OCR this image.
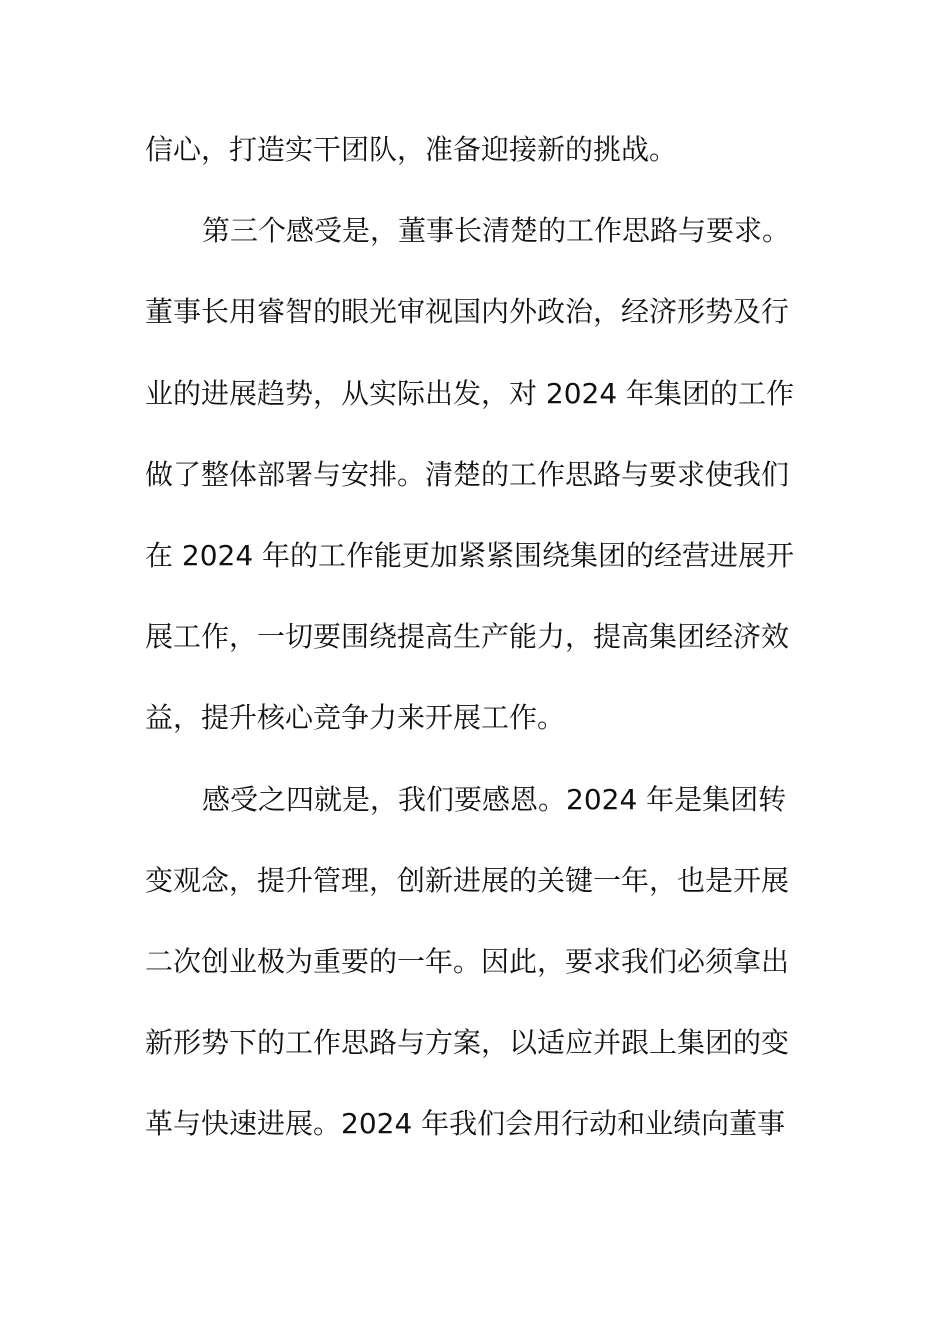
信心，打造实干团队，准备迎接新的挑战。
第三个感受是，董事长清楚的工作思路与要求。
董事长用睿智的眼光审视国内外政治，经济形势及行
业的进展趋势，从实际出发，对 2024 年集团的工作
做了整体部署与安排。清楚的工作思路与要求使我们
在 2024 年的工作能更加紧紧围绕集团的经营进展开
展工作，一切要围绕提高生产能力，提高集团经济效
益，提升核心竞争力来开展工作。
感受之四就是，我们要感恩。2024 年是集团转
变观念，提升管理，创新进展的关键一年，也是开展
二次创业极为重要的一年。因此，要求我们必须拿出
新形势下的工作思路与方案，以适应并跟上集团的变
革与快速进展。2024 年我们会用行动和业绩向董事
